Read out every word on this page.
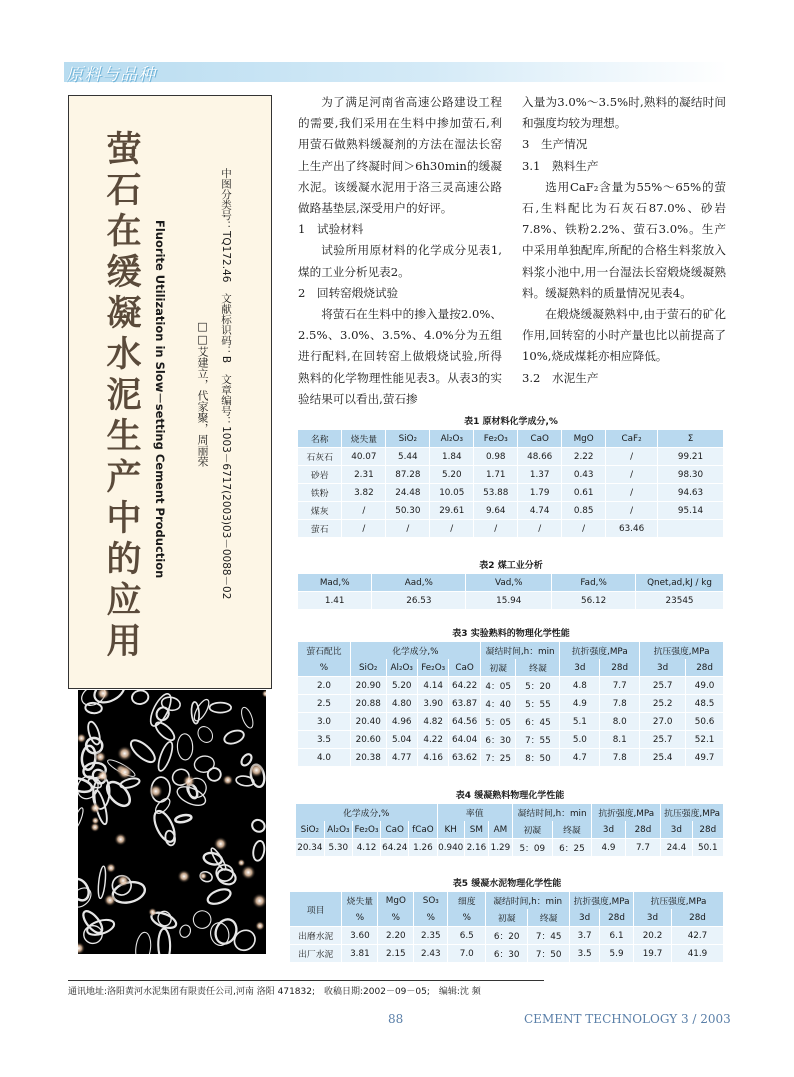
原料与品种
萤石在缓凝水泥生产中的应用
Fluorite Utilization in Slow－setting Cement Production	□□艾建立，代家聚，周丽荣 中图分类号：TQ172.46　文献标识码：B　文章编号：1003－6717(2003)03－0088－02

为了满足河南省高速公路建设工程的需要,我们采用在生料中掺加萤石,利用萤石做熟料缓凝剂的方法在湿法长窑上生产出了终凝时间＞6h30min的缓凝水泥。该缓凝水泥用于洛三灵高速公路做路基垫层,深受用户的好评。

1　试验材料

试验所用原材料的化学成分见表1,煤的工业分析见表2。

2　回转窑煅烧试验

将萤石在生料中的掺入量按2.0%、2.5%、3.0%、3.5%、4.0%分为五组进行配料,在回转窑上做煅烧试验,所得熟料的化学物理性能见表3。从表3的实验结果可以看出,萤石掺

入量为3.0%～3.5%时,熟料的凝结时间和强度均较为理想。

3　生产情况

3.1　熟料生产

选用CaF₂含量为55%～65%的萤石,生料配比为石灰石87.0%、砂岩7.8%、铁粉2.2%、萤石3.0%。生产中采用单独配库,所配的合格生料浆放入料浆小池中,用一台湿法长窑煅烧缓凝熟料。缓凝熟料的质量情况见表4。

在煅烧缓凝熟料中,由于萤石的矿化作用,回转窑的小时产量也比以前提高了10%,烧成煤耗亦相应降低。

3.2　水泥生产

表1 原材料化学成分,%
名称	烧失量	SiO₂	Al₂O₃	Fe₂O₃	CaO	MgO	CaF₂	Σ
石灰石	40.07	5.44	1.84	0.98	48.66	2.22	/	99.21
砂岩	2.31	87.28	5.20	1.71	1.37	0.43	/	98.30
铁粉	3.82	24.48	10.05	53.88	1.79	0.61	/	94.63
煤灰	/	50.30	29.61	9.64	4.74	0.85	/	95.14
萤石	/	/	/	/	/	/	63.46	
表2 煤工业分析
Mad,%	Aad,%	Vad,%	Fad,%	Qnet,ad,kJ / kg
1.41	26.53	15.94	56.12	23545
表3 实验熟料的物理化学性能
萤石配比	化学成分,%				凝结时间,h：min		抗折强度,MPa		抗压强度,MPa	
%	SiO₂	Al₂O₃	Fe₂O₃	CaO	初凝	终凝	3d	28d	3d	28d
2.0	20.90	5.20	4.14	64.22	4：05	5：20	4.8	7.7	25.7	49.0
2.5	20.88	4.80	3.90	63.87	4：40	5：55	4.9	7.8	25.2	48.5
3.0	20.40	4.96	4.82	64.56	5：05	6：45	5.1	8.0	27.0	50.6
3.5	20.60	5.04	4.22	64.04	6：30	7：55	5.0	8.1	25.7	52.1
4.0	20.38	4.77	4.16	63.62	7：25	8：50	4.7	7.8	25.4	49.7
表4 缓凝熟料物理化学性能
化学成分,%					率值			凝结时间,h：min		抗折强度,MPa		抗压强度,MPa	
SiO₂	Al₂O₃	Fe₂O₃	CaO	fCaO	KH	SM	AM	初凝	终凝	3d	28d	3d	28d
20.34	5.30	4.12	64.24	1.26	0.940	2.16	1.29	5：09	6：25	4.9	7.7	24.4	50.1
表5 缓凝水泥物理化学性能
项目	烧失量	MgO	SO₃	细度	凝结时间,h：min		抗折强度,MPa		抗压强度,MPa	
	%	%	%	%	初凝	终凝	3d	28d	3d	28d
出磨水泥	3.60	2.20	2.35	6.5	6：20	7：45	3.7	6.1	20.2	42.7
出厂水泥	3.81	2.15	2.43	7.0	6：30	7：50	3.5	5.9	19.7	41.9
通讯地址:洛阳黄河水泥集团有限责任公司,河南 洛阳 471832;　收稿日期:2002－09－05;　编辑:沈 频
88	CEMENT TECHNOLOGY 3 / 2003
